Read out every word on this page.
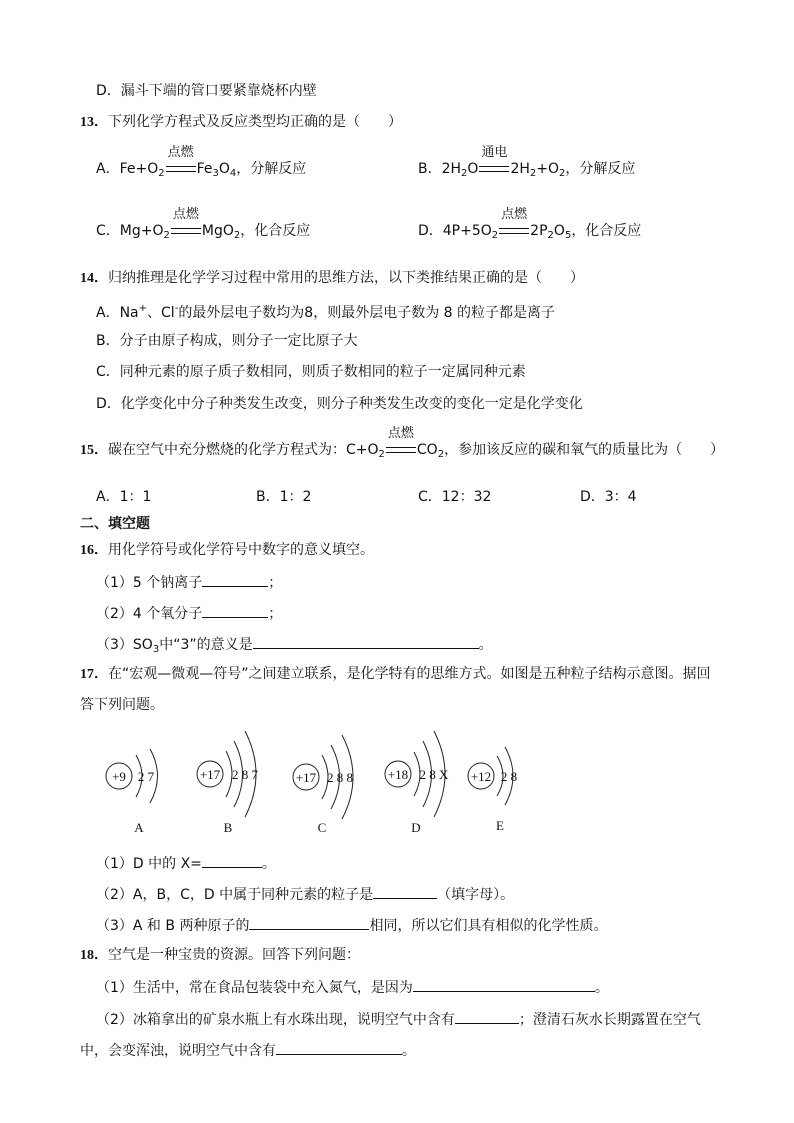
D．漏斗下端的管口要紧靠烧杯内壁
13．下列化学方程式及反应类型均正确的是（　　）
A．$Fe+O_2$
点燃
$Fe_3O_4$，分解反应	B．$2H_2O$
通电
$2H_2+O_2$，分解反应
C．$Mg+O_2$
点燃
MgO$_2$，化合反应	D．$4P+5O_2$
点燃
$2P_2O_5$，化合反应
14．归纳推理是化学学习过程中常用的思维方法，以下类推结果正确的是（　　）
A．Na+、Cl-的最外层电子数均为8，则最外层电子数为 8 的粒子都是离子
B．分子由原子构成，则分子一定比原子大
C．同种元素的原子质子数相同，则质子数相同的粒子一定属同种元素
D．化学变化中分子种类发生改变，则分子种类发生改变的变化一定是化学变化
15．碳在空气中充分燃烧的化学方程式为：$C+O_2$
点燃
$CO_2$，参加该反应的碳和氧气的质量比为（　　）
A．1：1	B．1：2	C．12：32	D．3：4
二、填空题
16．用化学符号或化学符号中数字的意义填空。
（1）5 个钠离子	；
（2）4 个氧分子	；
$(3)SO_3$中“3”的意义是	。
17．在“宏观—微观—符号”之间建立联系，是化学特有的思维方式。如图是五种粒子结构示意图。据回
答下列问题。
+9 2 7
A
+17 2 8 7
B
+17 2 8 8
C
+18 2 8 X
D
+12 2 8
E
（1）D 中的 X=	。
（2）A，B，C，D 中属于同种元素的粒子是	（填字母）。
（3）A 和 B 两种原子的	相同，所以它们具有相似的化学性质。
18．空气是一种宝贵的资源。回答下列问题：
（1）生活中，常在食品包装袋中充入氮气，是因为	。
（2）冰箱拿出的矿泉水瓶上有水珠出现，说明空气中含有	；澄清石灰水长期露置在空气
中，会变浑浊，说明空气中含有	。
